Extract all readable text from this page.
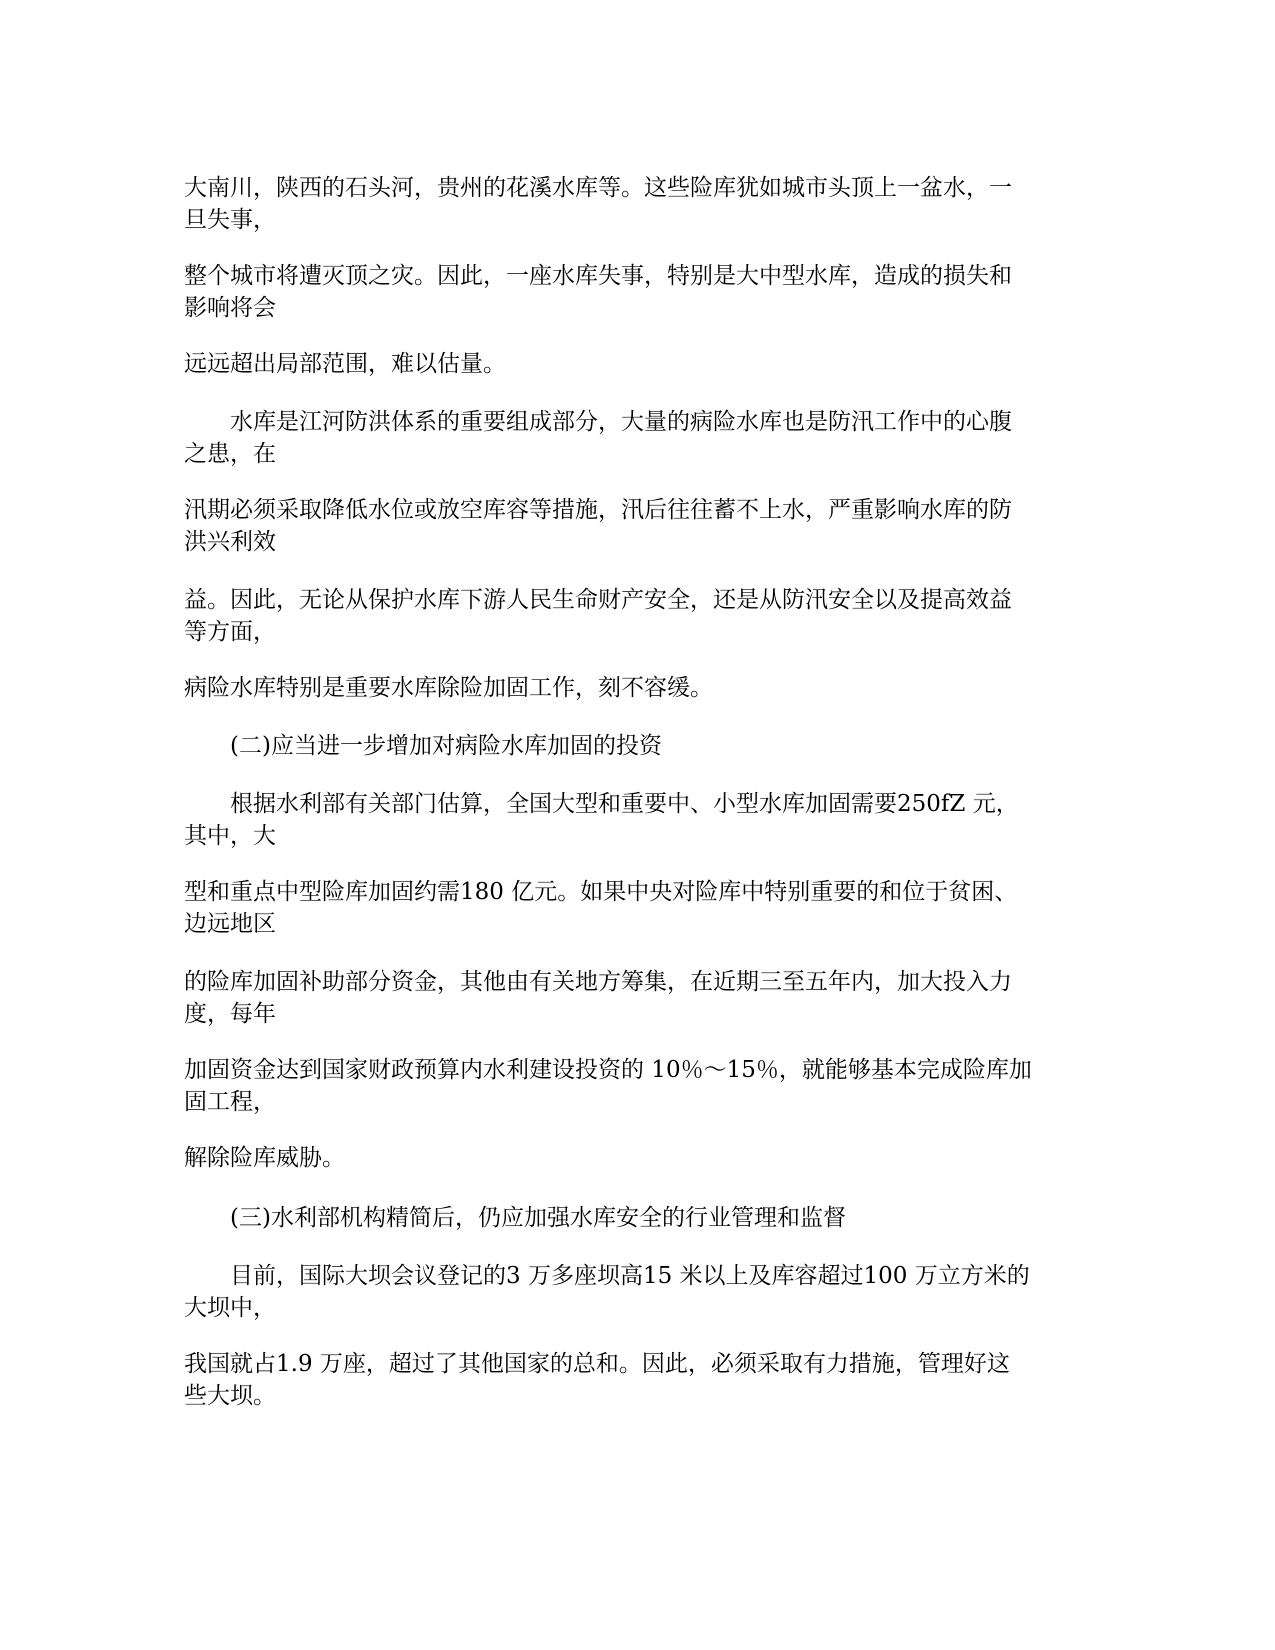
大南川，陕西的石头河，贵州的花溪水库等。这些险库犹如城市头顶上一盆水，一
旦失事，

整个城市将遭灭顶之灾。因此，一座水库失事，特别是大中型水库，造成的损失和
影响将会

远远超出局部范围，难以估量。

水库是江河防洪体系的重要组成部分，大量的病险水库也是防汛工作中的心腹
之患，在

汛期必须采取降低水位或放空库容等措施，汛后往往蓄不上水，严重影响水库的防
洪兴利效

益。因此，无论从保护水库下游人民生命财产安全，还是从防汛安全以及提高效益
等方面，

病险水库特别是重要水库除险加固工作，刻不容缓。

(二)应当进一步增加对病险水库加固的投资

根据水利部有关部门估算，全国大型和重要中、小型水库加固需要250fZ 元，
其中，大

型和重点中型险库加固约需180 亿元。如果中央对险库中特别重要的和位于贫困、
边远地区

的险库加固补助部分资金，其他由有关地方筹集，在近期三至五年内，加大投入力
度，每年

加固资金达到国家财政预算内水利建设投资的 10％～15％，就能够基本完成险库加
固工程，

解除险库威胁。

(三)水利部机构精简后，仍应加强水库安全的行业管理和监督

目前，国际大坝会议登记的3 万多座坝高15 米以上及库容超过100 万立方米的
大坝中，

我国就占1.9 万座，超过了其他国家的总和。因此，必须采取有力措施，管理好这
些大坝。
